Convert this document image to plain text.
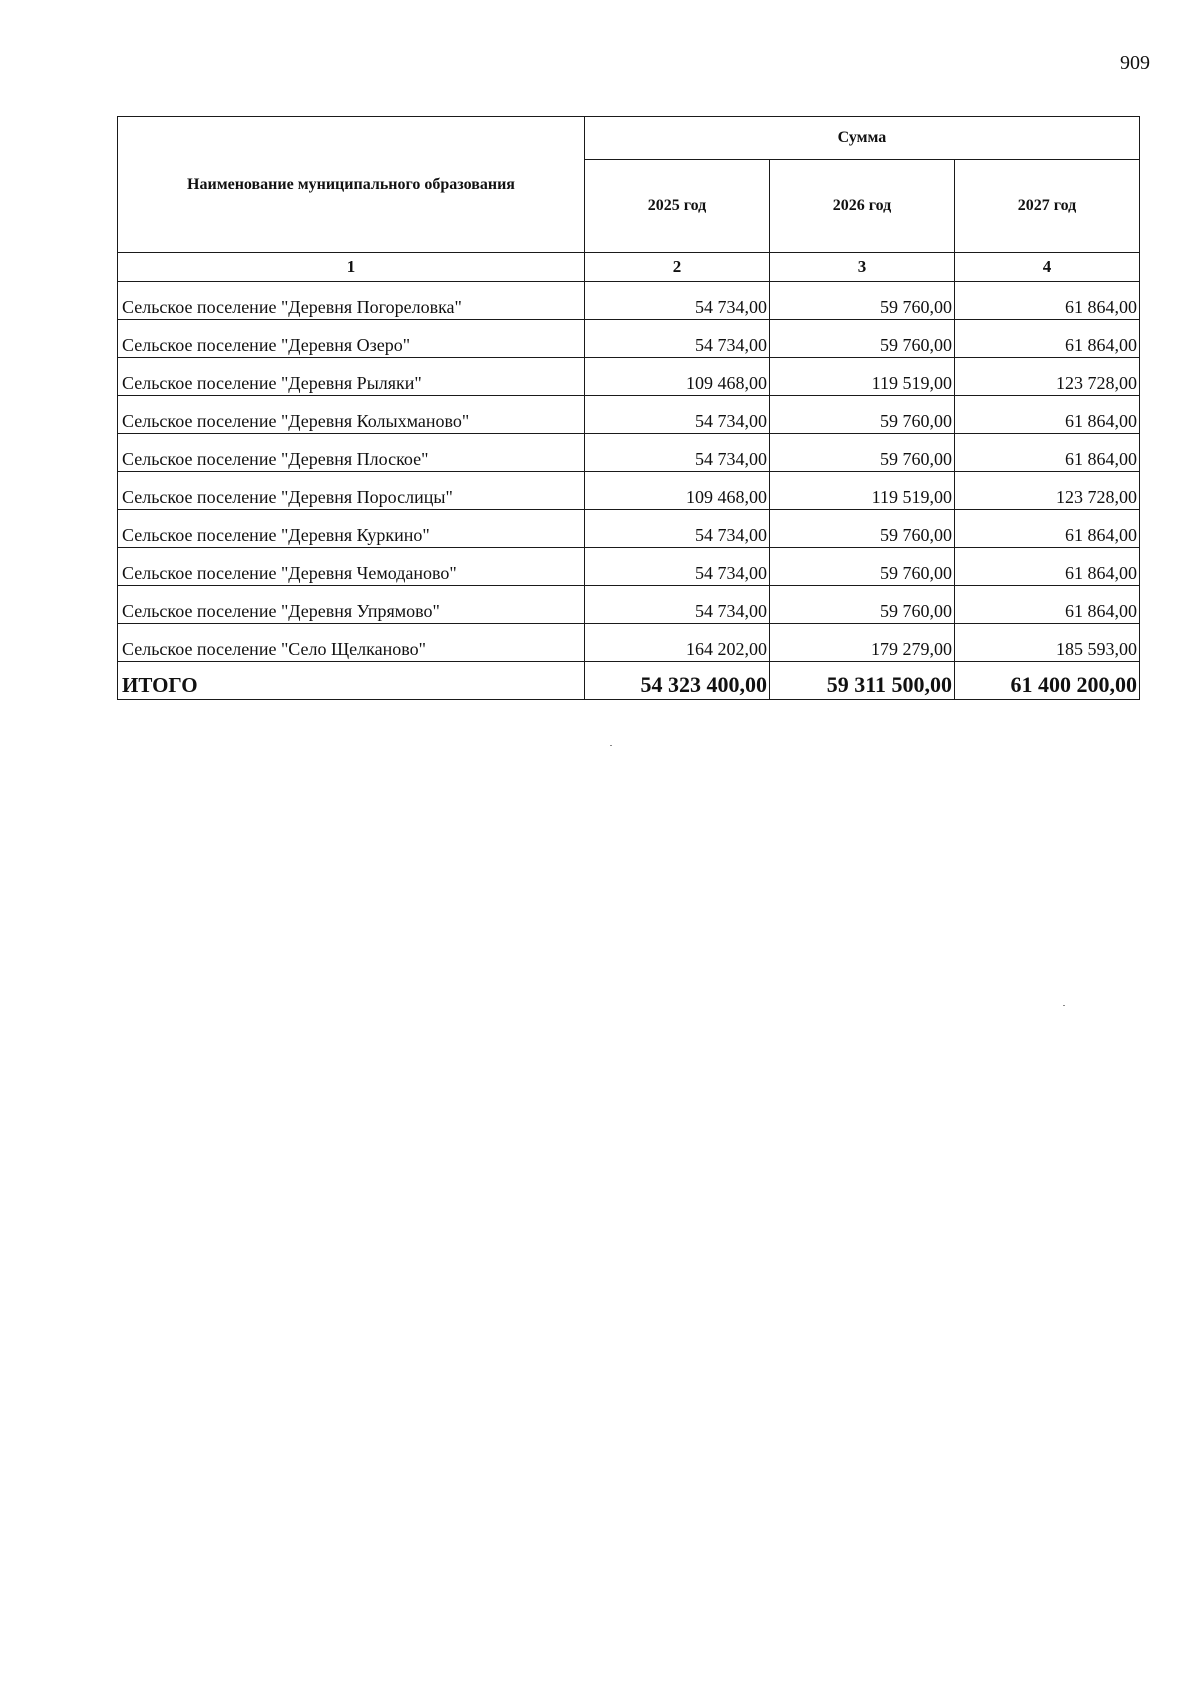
909
Наименование муниципального образования	Сумма		
	2025 год	2026 год	2027 год
1	2	3	4
Сельское поселение "Деревня Погореловка"	54 734,00	59 760,00	61 864,00
Сельское поселение "Деревня Озеро"	54 734,00	59 760,00	61 864,00
Сельское поселение "Деревня Рыляки"	109 468,00	119 519,00	123 728,00
Сельское поселение "Деревня Колыхманово"	54 734,00	59 760,00	61 864,00
Сельское поселение "Деревня Плоское"	54 734,00	59 760,00	61 864,00
Сельское поселение "Деревня Порослицы"	109 468,00	119 519,00	123 728,00
Сельское поселение "Деревня Куркино"	54 734,00	59 760,00	61 864,00
Сельское поселение "Деревня Чемоданово"	54 734,00	59 760,00	61 864,00
Сельское поселение "Деревня Упрямово"	54 734,00	59 760,00	61 864,00
Сельское поселение "Село Щелканово"	164 202,00	179 279,00	185 593,00
ИТОГО	54 323 400,00	59 311 500,00	61 400 200,00
